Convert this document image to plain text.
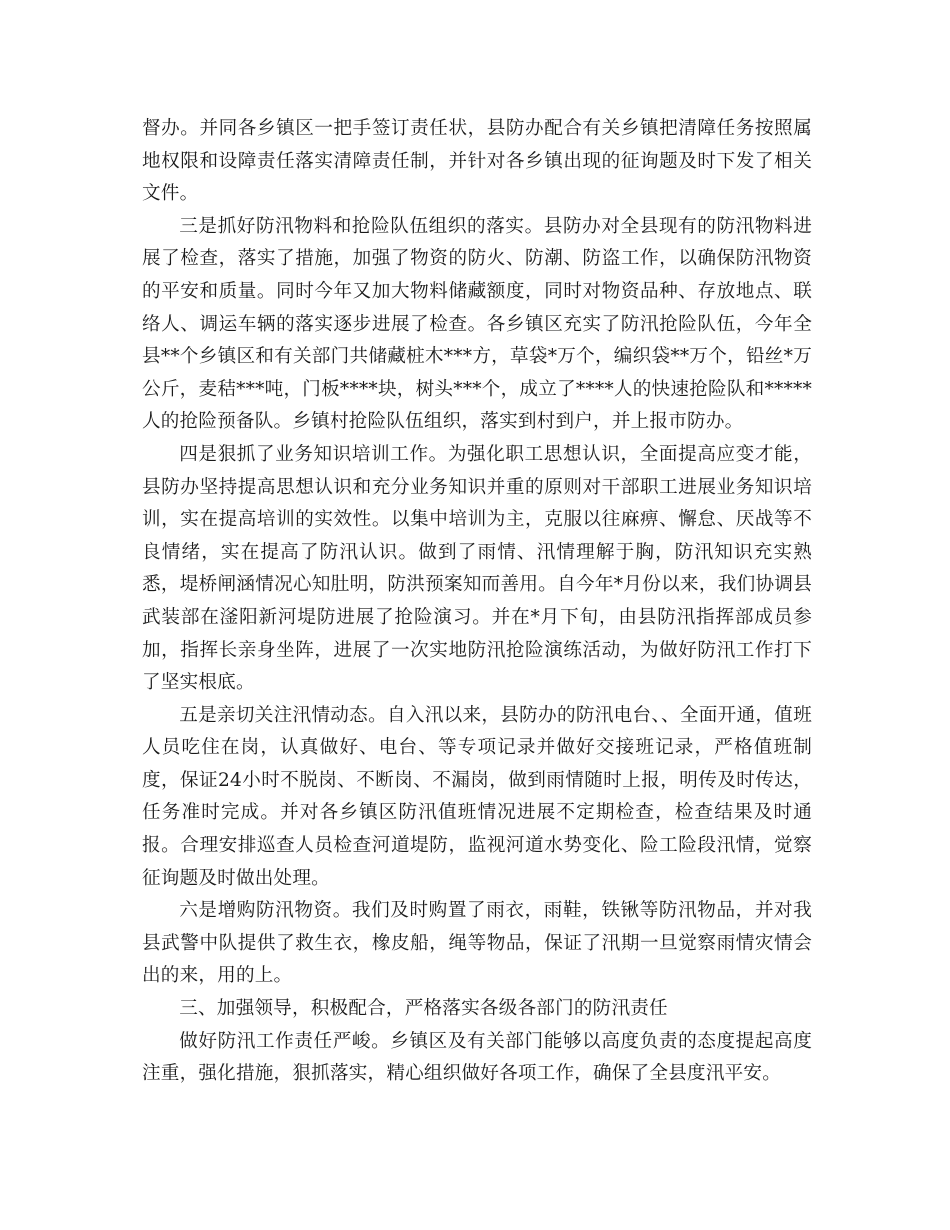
督办。并同各乡镇区一把手签订责任状，县防办配合有关乡镇把清障任务按照属地权限和设障责任落实清障责任制，并针对各乡镇出现的征询题及时下发了相关文件。

三是抓好防汛物料和抢险队伍组织的落实。县防办对全县现有的防汛物料进展了检查，落实了措施，加强了物资的防火、防潮、防盗工作，以确保防汛物资的平安和质量。同时今年又加大物料储藏额度，同时对物资品种、存放地点、联络人、调运车辆的落实逐步进展了检查。各乡镇区充实了防汛抢险队伍，今年全县**个乡镇区和有关部门共储藏桩木***方，草袋*万个，编织袋**万个，铅丝*万公斤，麦秸***吨，门板****块，树头***个，成立了****人的快速抢险队和*****人的抢险预备队。乡镇村抢险队伍组织，落实到村到户，并上报市防办。

四是狠抓了业务知识培训工作。为强化职工思想认识，全面提高应变才能，县防办坚持提高思想认识和充分业务知识并重的原则对干部职工进展业务知识培训，实在提高培训的实效性。以集中培训为主，克服以往麻痹、懈怠、厌战等不良情绪，实在提高了防汛认识。做到了雨情、汛情理解于胸，防汛知识充实熟悉，堤桥闸涵情况心知肚明，防洪预案知而善用。自今年*月份以来，我们协调县武装部在滏阳新河堤防进展了抢险演习。并在*月下旬，由县防汛指挥部成员参加，指挥长亲身坐阵，进展了一次实地防汛抢险演练活动，为做好防汛工作打下了坚实根底。

五是亲切关注汛情动态。自入汛以来，县防办的防汛电台、、全面开通，值班人员吃住在岗，认真做好、电台、等专项记录并做好交接班记录，严格值班制度，保证24小时不脱岗、不断岗、不漏岗，做到雨情随时上报，明传及时传达，任务准时完成。并对各乡镇区防汛值班情况进展不定期检查，检查结果及时通报。合理安排巡查人员检查河道堤防，监视河道水势变化、险工险段汛情，觉察征询题及时做出处理。

六是增购防汛物资。我们及时购置了雨衣，雨鞋，铁锹等防汛物品，并对我县武警中队提供了救生衣，橡皮船，绳等物品，保证了汛期一旦觉察雨情灾情会出的来，用的上。

三、加强领导，积极配合，严格落实各级各部门的防汛责任

做好防汛工作责任严峻。乡镇区及有关部门能够以高度负责的态度提起高度注重，强化措施，狠抓落实，精心组织做好各项工作，确保了全县度汛平安。
